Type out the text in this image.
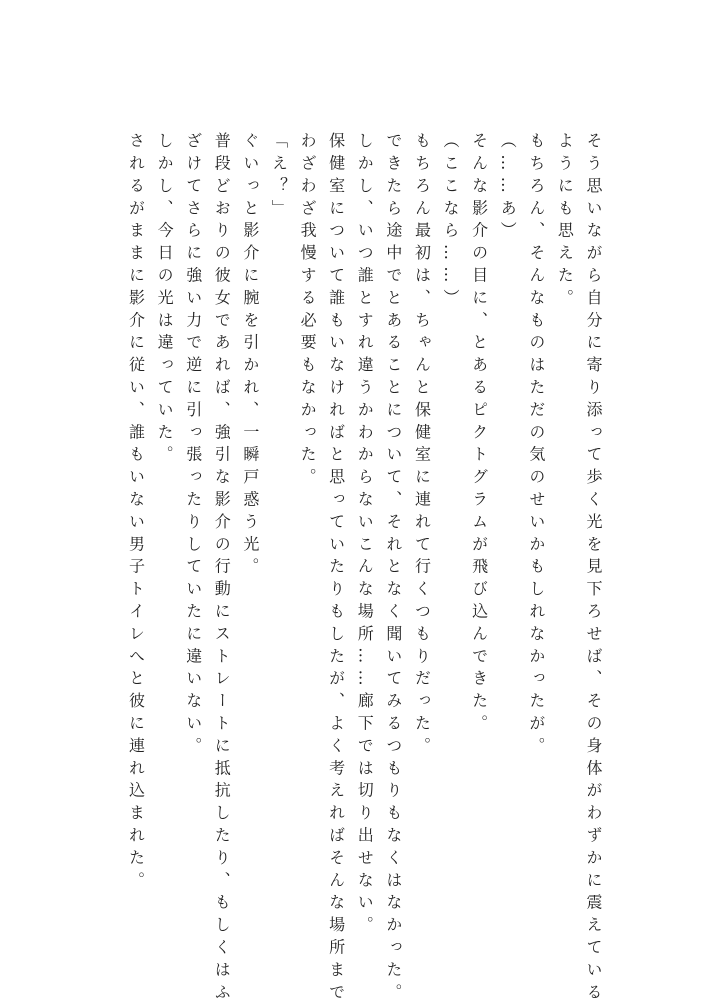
そう思いながら自分に寄り添って歩く光を見下ろせば、その身体がわずかに震えている

ようにも思えた。

もちろん、そんなものはただの気のせいかもしれなかったが。

（……あ）

そんな影介の目に、とあるピクトグラムが飛び込んできた。

（ここなら……）

もちろん最初は、ちゃんと保健室に連れて行くつもりだった。

できたら途中でとあることについて、それとなく聞いてみるつもりもなくはなかった。

しかし、いつ誰とすれ違うかわからないこんな場所……廊下では切り出せない。

保健室について誰もいなければと思っていたりもしたが、よく考えればそんな場所まで

わざわざ我慢する必要もなかった。

「え？」

ぐいっと影介に腕を引かれ、一瞬戸惑う光。

普段どおりの彼女であれば、強引な影介の行動にストレートに抵抗したり、もしくはふ

ざけてさらに強い力で逆に引っ張ったりしていたに違いない。

しかし、今日の光は違っていた。

されるがままに影介に従い、誰もいない男子トイレへと彼に連れ込まれた。
